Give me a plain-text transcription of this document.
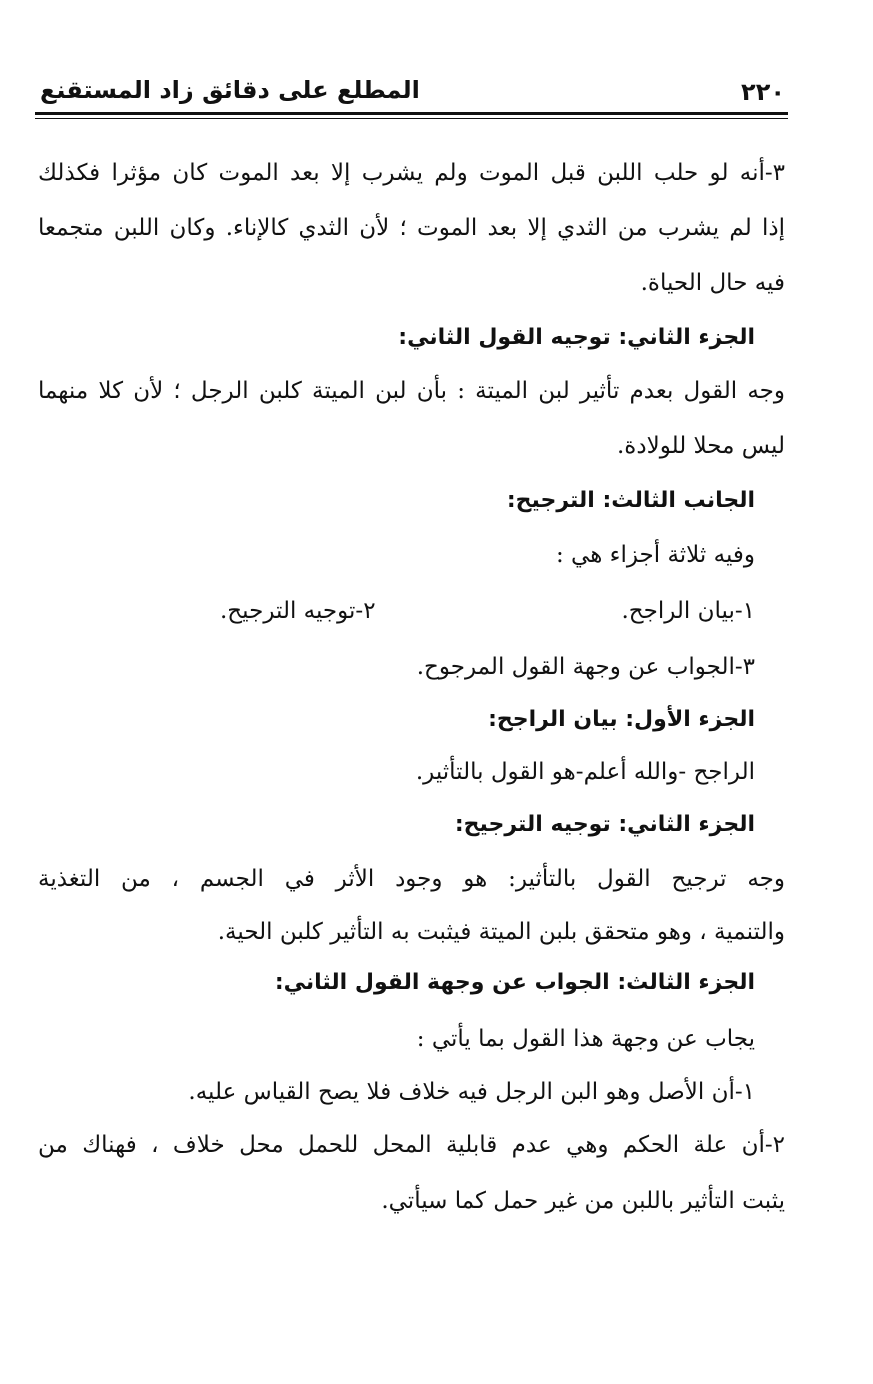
٢٢٠
المطلع على دقائق زاد المستقنع
٣-أنه لو حلب اللبن قبل الموت ولم يشرب إلا بعد الموت كان مؤثرا فكذلك
إذا لم يشرب من الثدي إلا بعد الموت ؛ لأن الثدي كالإناء. وكان اللبن متجمعا
فيه حال الحياة.
الجزء الثاني: توجيه القول الثاني:
وجه القول بعدم تأثير لبن الميتة : بأن لبن الميتة كلبن الرجل ؛ لأن كلا منهما
ليس محلا للولادة.
الجانب الثالث: الترجيح:
وفيه ثلاثة أجزاء هي :
١-بيان الراجح.
٢-توجيه الترجيح.
٣-الجواب عن وجهة القول المرجوح.
الجزء الأول: بيان الراجح:
الراجح -والله أعلم-هو القول بالتأثير.
الجزء الثاني: توجيه الترجيح:
وجه ترجيح القول بالتأثير: هو وجود الأثر في الجسم ، من التغذية
والتنمية ، وهو متحقق بلبن الميتة فيثبت به التأثير كلبن الحية.
الجزء الثالث: الجواب عن وجهة القول الثاني:
يجاب عن وجهة هذا القول بما يأتي :
١-أن الأصل وهو البن الرجل فيه خلاف فلا يصح القياس عليه.
٢-أن علة الحكم وهي عدم قابلية المحل للحمل محل خلاف ، فهناك من
يثبت التأثير باللبن من غير حمل كما سيأتي.
